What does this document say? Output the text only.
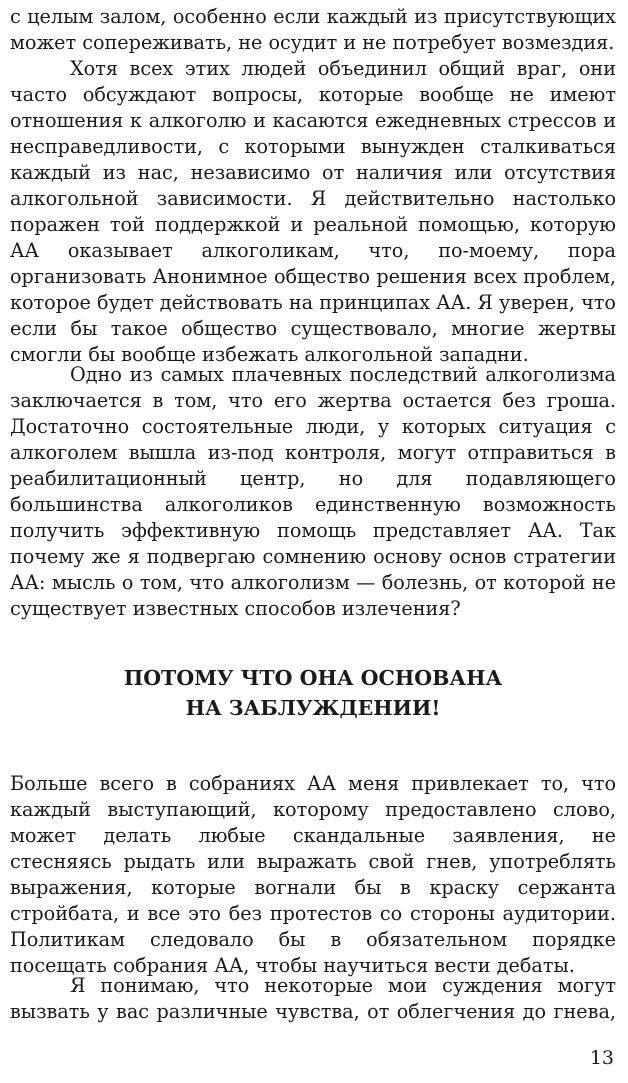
с целым залом, особенно если каждый из присутствующих может сопереживать, не осудит и не потребует возмездия.

Хотя всех этих людей объединил общий враг, они часто обсуждают вопросы, которые вообще не имеют отношения к алкоголю и касаются ежедневных стрессов и несправедливости, с которыми вынужден сталкиваться каждый из нас, независимо от наличия или отсутствия алкогольной зависимости. Я действительно настолько поражен той поддержкой и реальной помощью, которую АА оказывает алкоголикам, что, по-моему, пора организовать Анонимное общество решения всех проблем, которое будет действовать на принципах АА. Я уверен, что если бы такое общество существовало, многие жертвы смогли бы вообще избежать алкогольной западни.

Одно из самых плачевных последствий алкоголизма заключается в том, что его жертва остается без гроша. Достаточно состоятельные люди, у которых ситуация с алкоголем вышла из-под контроля, могут отправиться в реабилитационный центр, но для подавляющего большинства алкоголиков единственную возможность получить эффективную помощь представляет АА. Так почему же я подвергаю сомнению основу основ стратегии АА: мысль о том, что алкоголизм — болезнь, от которой не существует известных способов излечения?

ПОТОМУ ЧТО ОНА ОСНОВАНА
НА ЗАБЛУЖДЕНИИ!

Больше всего в собраниях АА меня привлекает то, что каждый выступающий, которому предоставлено слово, может делать любые скандальные заявления, не стесняясь рыдать или выражать свой гнев, употреблять выражения, которые вогнали бы в краску сержанта стройбата, и все это без протестов со стороны аудитории. Политикам следовало бы в обязательном порядке посещать собрания АА, чтобы научиться вести дебаты.

Я понимаю, что некоторые мои суждения могут вызвать у вас различные чувства, от облегчения до гнева,

13
